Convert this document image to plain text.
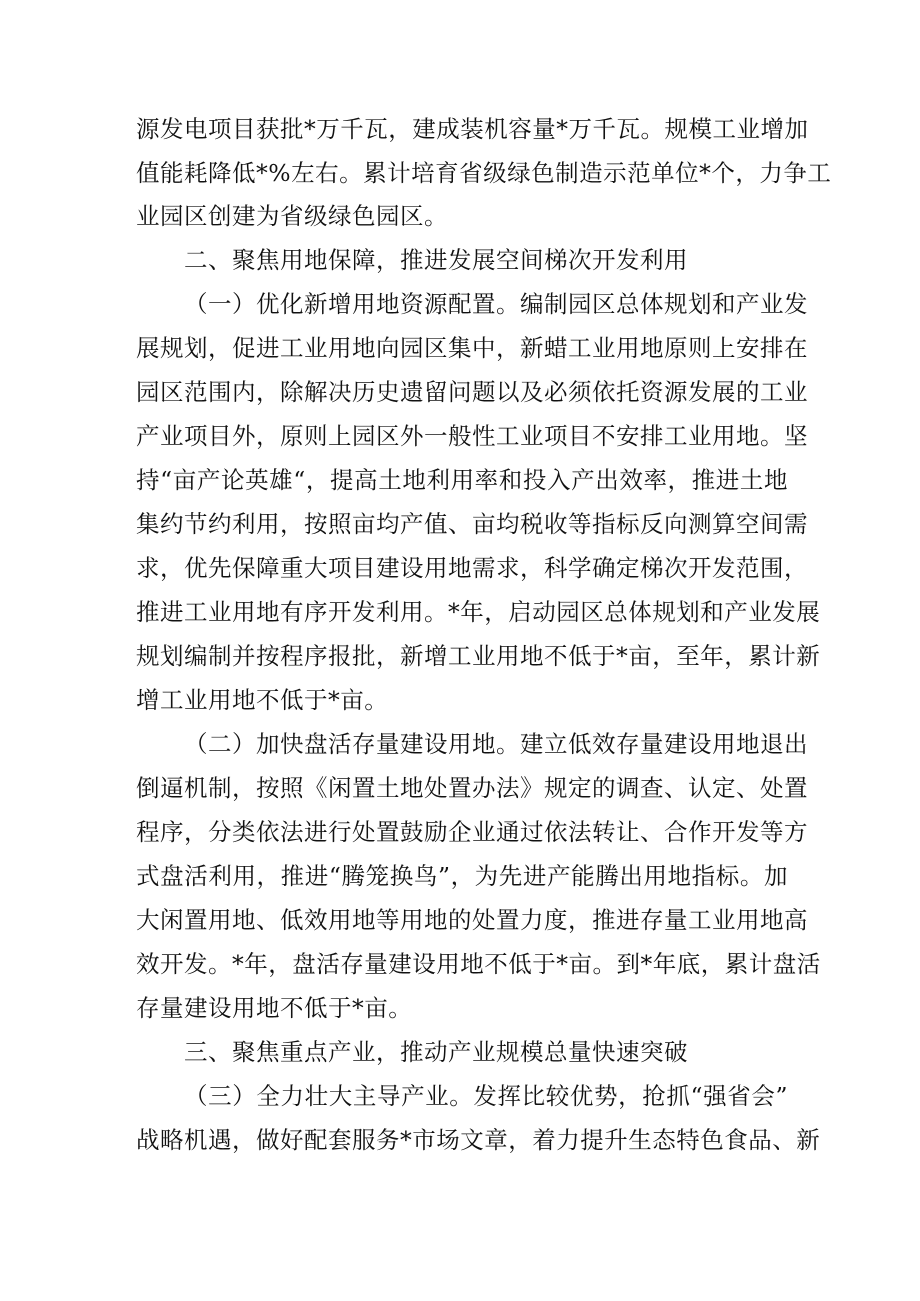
源发电项目获批*万千瓦，建成装机容量*万千瓦。规模工业增加
值能耗降低*%左右。累计培育省级绿色制造示范单位*个，力争工
业园区创建为省级绿色园区。
二、聚焦用地保障，推进发展空间梯次开发利用
（一）优化新增用地资源配置。编制园区总体规划和产业发
展规划，促进工业用地向园区集中，新蜡工业用地原则上安排在
园区范围内，除解决历史遗留问题以及必须依托资源发展的工业
产业项目外，原则上园区外一般性工业项目不安排工业用地。坚
持“亩产论英雄“，提高土地利用率和投入产出效率，推进土地
集约节约利用，按照亩均产值、亩均税收等指标反向测算空间需
求，优先保障重大项目建设用地需求，科学确定梯次开发范围，
推进工业用地有序开发利用。*年，启动园区总体规划和产业发展
规划编制并按程序报批，新增工业用地不低于*亩，至年，累计新
增工业用地不低于*亩。
（二）加快盘活存量建设用地。建立低效存量建设用地退出
倒逼机制，按照《闲置土地处置办法》规定的调查、认定、处置
程序，分类依法进行处置鼓励企业通过依法转让、合作开发等方
式盘活利用，推进“腾笼换鸟”，为先进产能腾出用地指标。加
大闲置用地、低效用地等用地的处置力度，推进存量工业用地高
效开发。*年，盘活存量建设用地不低于*亩。到*年底，累计盘活
存量建设用地不低于*亩。
三、聚焦重点产业，推动产业规模总量快速突破
（三）全力壮大主导产业。发挥比较优势，抢抓“强省会”
战略机遇，做好配套服务*市场文章，着力提升生态特色食品、新
